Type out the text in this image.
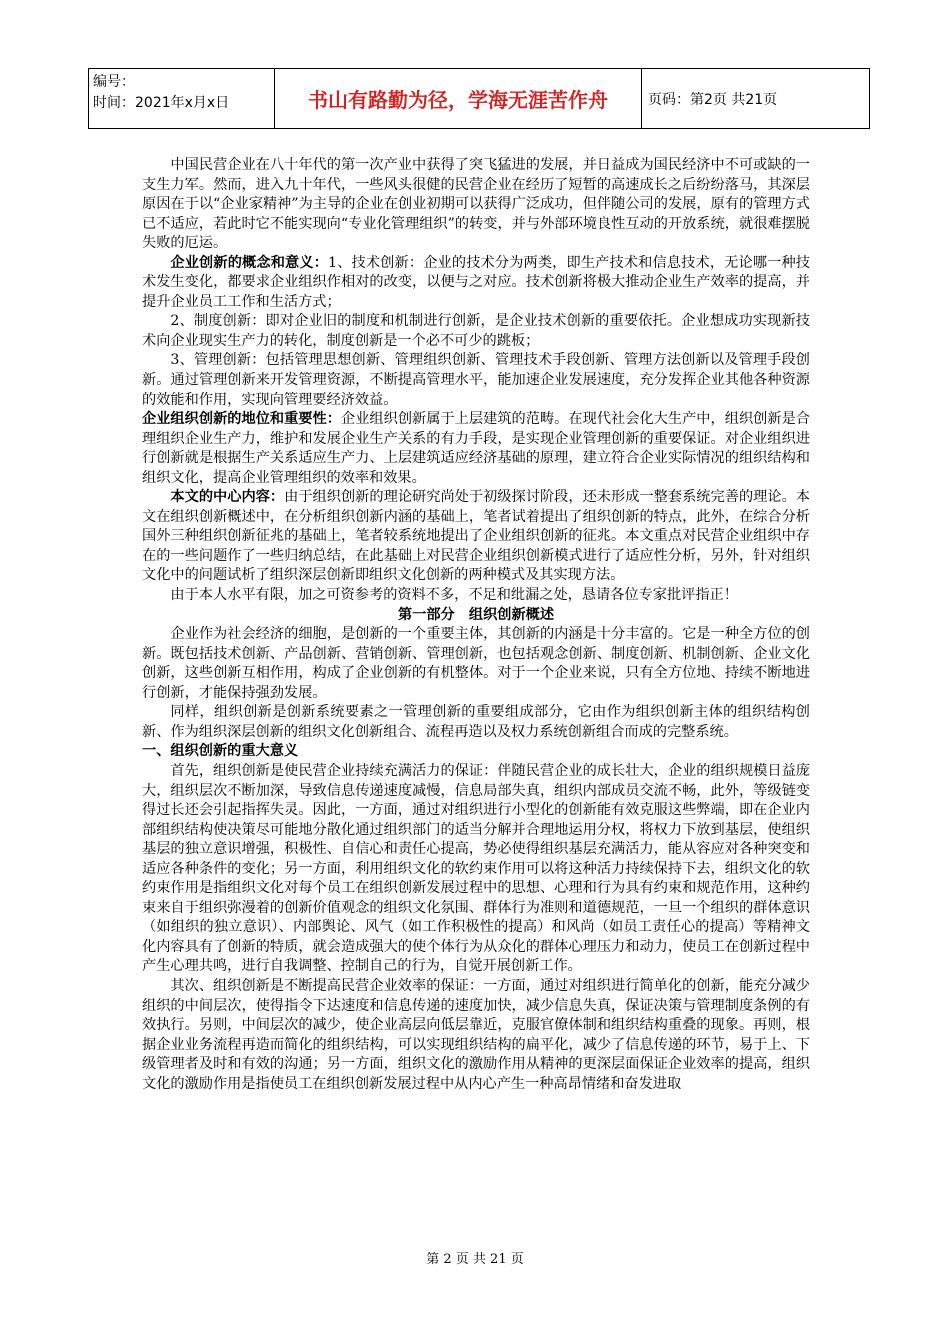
编号：
时间：2021年x月x日	书山有路勤为径，学海无涯苦作舟	页码：第2页 共21页

中国民营企业在八十年代的第一次产业中获得了突飞猛进的发展，并日益成为国民经济中不可或缺的一支生力军。然而，进入九十年代，一些风头很健的民营企业在经历了短暂的高速成长之后纷纷落马，其深层原因在于以“企业家精神”为主导的企业在创业初期可以获得广泛成功，但伴随公司的发展，原有的管理方式已不适应，若此时它不能实现向“专业化管理组织”的转变，并与外部环境良性互动的开放系统，就很难摆脱失败的厄运。

企业创新的概念和意义：1、技术创新：企业的技术分为两类，即生产技术和信息技术，无论哪一种技术发生变化，都要求企业组织作相对的改变，以便与之对应。技术创新将极大推动企业生产效率的提高，并提升企业员工工作和生活方式；

2、制度创新：即对企业旧的制度和机制进行创新，是企业技术创新的重要依托。企业想成功实现新技术向企业现实生产力的转化，制度创新是一个必不可少的跳板；

3、管理创新：包括管理思想创新、管理组织创新、管理技术手段创新、管理方法创新以及管理手段创新。通过管理创新来开发管理资源，不断提高管理水平，能加速企业发展速度，充分发挥企业其他各种资源的效能和作用，实现向管理要经济效益。

企业组织创新的地位和重要性：企业组织创新属于上层建筑的范畴。在现代社会化大生产中，组织创新是合理组织企业生产力，维护和发展企业生产关系的有力手段，是实现企业管理创新的重要保证。对企业组织进行创新就是根据生产关系适应生产力、上层建筑适应经济基础的原理，建立符合企业实际情况的组织结构和组织文化，提高企业管理组织的效率和效果。

本文的中心内容：由于组织创新的理论研究尚处于初级探讨阶段，还未形成一整套系统完善的理论。本文在组织创新概述中，在分析组织创新内涵的基础上，笔者试着提出了组织创新的特点，此外，在综合分析国外三种组织创新征兆的基础上，笔者较系统地提出了企业组织创新的征兆。本文重点对民营企业组织中存在的一些问题作了一些归纳总结，在此基础上对民营企业组织创新模式进行了适应性分析，另外，针对组织文化中的问题试析了组织深层创新即组织文化创新的两种模式及其实现方法。

由于本人水平有限，加之可资参考的资料不多，不足和纰漏之处，恳请各位专家批评指正！

第一部分　组织创新概述

企业作为社会经济的细胞，是创新的一个重要主体，其创新的内涵是十分丰富的。它是一种全方位的创新。既包括技术创新、产品创新、营销创新、管理创新，也包括观念创新、制度创新、机制创新、企业文化创新，这些创新互相作用，构成了企业创新的有机整体。对于一个企业来说，只有全方位地、持续不断地进行创新，才能保持强劲发展。

同样，组织创新是创新系统要素之一管理创新的重要组成部分，它由作为组织创新主体的组织结构创新、作为组织深层创新的组织文化创新组合、流程再造以及权力系统创新组合而成的完整系统。

一、组织创新的重大意义

首先，组织创新是使民营企业持续充满活力的保证：伴随民营企业的成长壮大，企业的组织规模日益庞大，组织层次不断加深，导致信息传递速度减慢，信息局部失真，组织内部成员交流不畅，此外，等级链变得过长还会引起指挥失灵。因此，一方面，通过对组织进行小型化的创新能有效克服这些弊端，即在企业内部组织结构使决策尽可能地分散化通过组织部门的适当分解并合理地运用分权，将权力下放到基层，使组织基层的独立意识增强，积极性、自信心和责任心提高，势必使得组织基层充满活力，能从容应对各种突变和适应各种条件的变化；另一方面，利用组织文化的软约束作用可以将这种活力持续保持下去，组织文化的软约束作用是指组织文化对每个员工在组织创新发展过程中的思想、心理和行为具有约束和规范作用，这种约束来自于组织弥漫着的创新价值观念的组织文化氛围、群体行为准则和道德规范，一旦一个组织的群体意识（如组织的独立意识）、内部舆论、风气（如工作积极性的提高）和风尚（如员工责任心的提高）等精神文化内容具有了创新的特质，就会造成强大的使个体行为从众化的群体心理压力和动力，使员工在创新过程中产生心理共鸣，进行自我调整、控制自己的行为，自觉开展创新工作。

其次、组织创新是不断提高民营企业效率的保证：一方面，通过对组织进行简单化的创新，能充分减少组织的中间层次，使得指令下达速度和信息传递的速度加快，减少信息失真，保证决策与管理制度条例的有效执行。另则，中间层次的减少，使企业高层向低层靠近，克服官僚体制和组织结构重叠的现象。再则，根据企业业务流程再造而简化的组织结构，可以实现组织结构的扁平化，减少了信息传递的环节，易于上、下级管理者及时和有效的沟通；另一方面，组织文化的激励作用从精神的更深层面保证企业效率的提高，组织文化的激励作用是指使员工在组织创新发展过程中从内心产生一种高昂情绪和奋发进取

第 2 页 共 21 页
